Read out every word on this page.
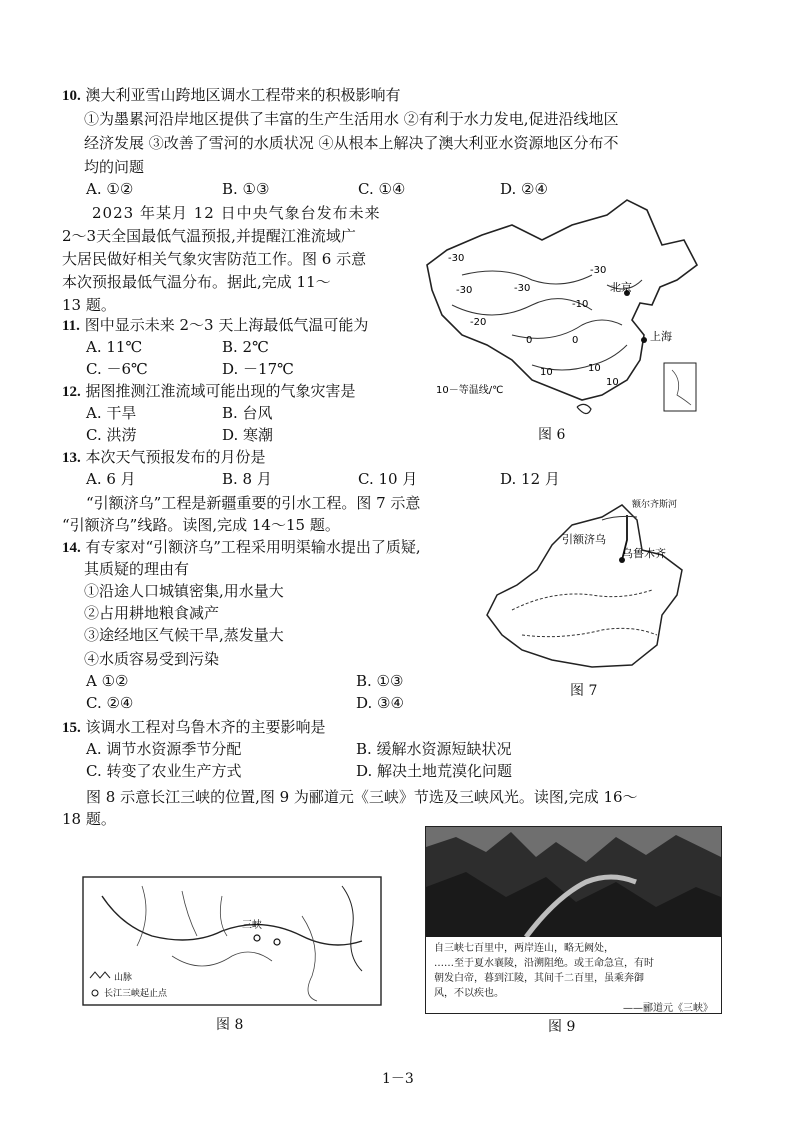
10. 澳大利亚雪山跨地区调水工程带来的积极影响有
①为墨累河沿岸地区提供了丰富的生产生活用水 ②有利于水力发电,促进沿线地区
经济发展 ③改善了雪河的水质状况 ④从根本上解决了澳大利亚水资源地区分布不
均的问题
A. ①②	B. ①③	C. ①④	D. ②④
2023 年某月 12 日中央气象台发布未来
2～3天全国最低气温预报,并提醒江淮流域广
大居民做好相关气象灾害防范工作。图 6 示意
本次预报最低气温分布。据此,完成 11～
13 题。
11. 图中显示未来 2～3 天上海最低气温可能为
A. 11℃	B. 2℃
C. －6℃	D. －17℃
12. 据图推测江淮流域可能出现的气象灾害是
A. 干旱	B. 台风
C. 洪涝	D. 寒潮
13. 本次天气预报发布的月份是
A. 6 月	B. 8 月	C. 10 月	D. 12 月
-30
-30
-30	-30
-20
-10
0	0
10
10
10
北京
上海
10－等温线/℃
图 6
“引额济乌”工程是新疆重要的引水工程。图 7 示意
“引额济乌”线路。读图,完成 14～15 题。
14. 有专家对“引额济乌”工程采用明渠输水提出了质疑,
其质疑的理由有
①沿途人口城镇密集,用水量大
②占用耕地粮食减产
③途经地区气候干旱,蒸发量大
④水质容易受到污染
A ①②	B. ①③
C. ②④	D. ③④
额尔齐斯河
引额济乌
乌鲁木齐
图 7
15. 该调水工程对乌鲁木齐的主要影响是
A. 调节水资源季节分配	B. 缓解水资源短缺状况
C. 转变了农业生产方式	D. 解决土地荒漠化问题
图 8 示意长江三峡的位置,图 9 为郦道元《三峡》节选及三峡风光。读图,完成 16～
18 题。
三峡
山脉
长江三峡起止点
图 8
自三峡七百里中，两岸连山，略无阙处，
……至于夏水襄陵，沿溯阻绝。或王命急宣，有时
朝发白帝，暮到江陵，其间千二百里，虽乘奔御
风，不以疾也。
——郦道元《三峡》
图 9
1－3
